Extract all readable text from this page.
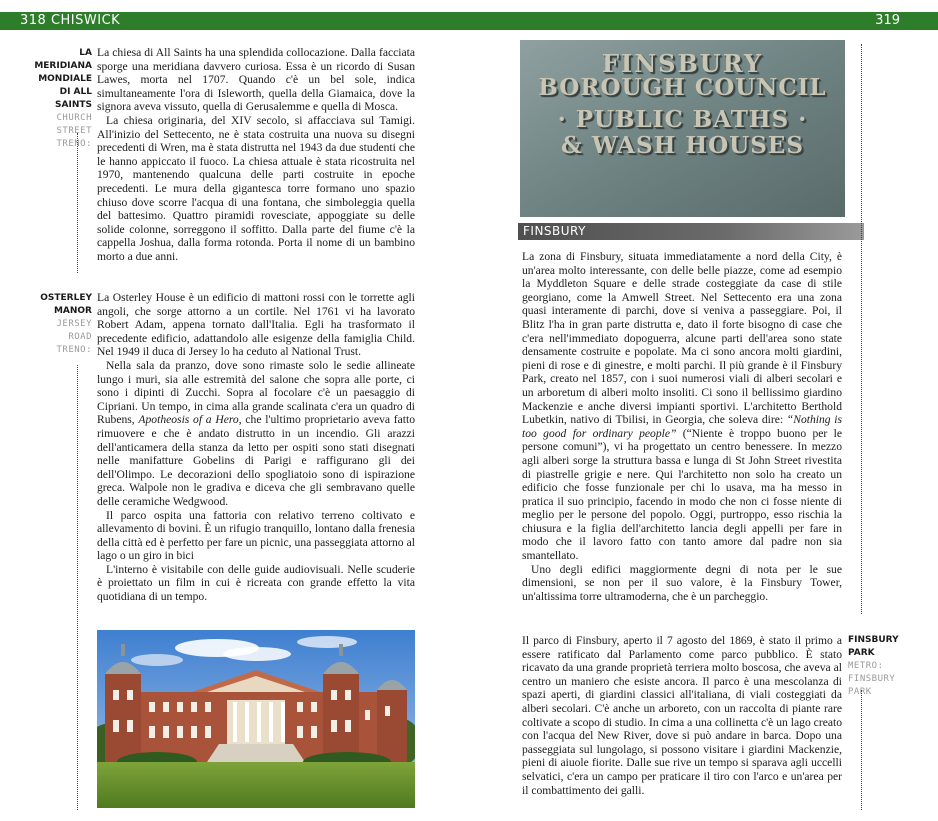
318 CHISWICK	319
LA MERIDIANA
MONDIALE
DI ALL SAINTS
CHURCH
STREET
TRENO:

La chiesa di All Saints ha una splendida collocazione. Dalla facciata sporge una meridiana davvero curiosa. Essa è un ricordo di Susan Lawes, morta nel 1707. Quando c'è un bel sole, indica simultaneamente l'ora di Isleworth, quella della Giamaica, dove la signora aveva vissuto, quella di Gerusalemme e quella di Mosca.

La chiesa originaria, del XIV secolo, si affacciava sul Tamigi. All'inizio del Settecento, ne è stata costruita una nuova su disegni precedenti di Wren, ma è stata distrutta nel 1943 da due studenti che le hanno appiccato il fuoco. La chiesa attuale è stata ricostruita nel 1970, mantenendo qualcuna delle parti costruite in epoche precedenti. Le mura della gigantesca torre formano uno spazio chiuso dove scorre l'acqua di una fontana, che simboleggia quella del battesimo. Quattro piramidi rovesciate, appoggiate su delle solide colonne, sorreggono il soffitto. Dalla parte del fiume c'è la cappella Joshua, dalla forma rotonda. Porta il nome di un bambino morto a due anni.

OSTERLEY
MANOR
JERSEY
ROAD
TRENO:

La Osterley House è un edificio di mattoni rossi con le torrette agli angoli, che sorge attorno a un cortile. Nel 1761 vi ha lavorato Robert Adam, appena tornato dall'Italia. Egli ha trasformato il precedente edificio, adattandolo alle esigenze della famiglia Child. Nel 1949 il duca di Jersey lo ha ceduto al National Trust.

Nella sala da pranzo, dove sono rimaste solo le sedie allineate lungo i muri, sia alle estremità del salone che sopra alle porte, ci sono i dipinti di Zucchi. Sopra al focolare c'è un paesaggio di Cipriani. Un tempo, in cima alla grande scalinata c'era un quadro di Rubens, Apotheosis of a Hero, che l'ultimo proprietario aveva fatto rimuovere e che è andato distrutto in un incendio. Gli arazzi dell'anticamera della stanza da letto per ospiti sono stati disegnati nelle manifatture Gobelins di Parigi e raffigurano gli dei dell'Olimpo. Le decorazioni dello spogliatoio sono di ispirazione greca. Walpole non le gradiva e diceva che gli sembravano quelle delle ceramiche Wedgwood.

Il parco ospita una fattoria con relativo terreno coltivato e allevamento di bovini. È un rifugio tranquillo, lontano dalla frenesia della città ed è perfetto per fare un picnic, una passeggiata attorno al lago o un giro in bici

L'interno è visitabile con delle guide audiovisuali. Nelle scuderie è proiettato un film in cui è ricreata con grande effetto la vita quotidiana di un tempo.

FINSBURY
BOROUGH COUNCIL
· PUBLIC BATHS ·
& WASH HOUSES
FINSBURY

La zona di Finsbury, situata immediatamente a nord della City, è un'area molto interessante, con delle belle piazze, come ad esempio la Myddleton Square e delle strade costeggiate da case di stile georgiano, come la Amwell Street. Nel Settecento era una zona quasi interamente di parchi, dove si veniva a passeggiare. Poi, il Blitz l'ha in gran parte distrutta e, dato il forte bisogno di case che c'era nell'immediato dopoguerra, alcune parti dell'area sono state densamente costruite e popolate. Ma ci sono ancora molti giardini, pieni di rose e di ginestre, e molti parchi. Il più grande è il Finsbury Park, creato nel 1857, con i suoi numerosi viali di alberi secolari e un arboretum di alberi molto insoliti. Ci sono il bellissimo giardino Mackenzie e anche diversi impianti sportivi. L'architetto Berthold Lubetkin, nativo di Tbilisi, in Georgia, che soleva dire: “Nothing is too good for ordinary people” (“Niente è troppo buono per le persone comuni”), vi ha progettato un centro benessere. In mezzo agli alberi sorge la struttura bassa e lunga di St John Street rivestita di piastrelle grigie e nere. Qui l'architetto non solo ha creato un edificio che fosse funzionale per chi lo usava, ma ha messo in pratica il suo principio, facendo in modo che non ci fosse niente di meglio per le persone del popolo. Oggi, purtroppo, esso rischia la chiusura e la figlia dell'architetto lancia degli appelli per fare in modo che il lavoro fatto con tanto amore dal padre non sia smantellato.

Uno degli edifici maggiormente degni di nota per le sue dimensioni, se non per il suo valore, è la Finsbury Tower, un'altissima torre ultramoderna, che è un parcheggio.

Il parco di Finsbury, aperto il 7 agosto del 1869, è stato il primo a essere ratificato dal Parlamento come parco pubblico. È stato ricavato da una grande proprietà terriera molto boscosa, che aveva al centro un maniero che esiste ancora. Il parco è una mescolanza di spazi aperti, di giardini classici all'italiana, di viali costeggiati da alberi secolari. C'è anche un arboreto, con un raccolta di piante rare coltivate a scopo di studio. In cima a una collinetta c'è un lago creato con l'acqua del New River, dove si può andare in barca. Dopo una passeggiata sul lungolago, si possono visitare i giardini Mackenzie, pieni di aiuole fiorite. Dalle sue rive un tempo si sparava agli uccelli selvatici, c'era un campo per praticare il tiro con l'arco e un'area per il combattimento dei galli.

FINSBURY PARK
METRO:
FINSBURY
PARK
